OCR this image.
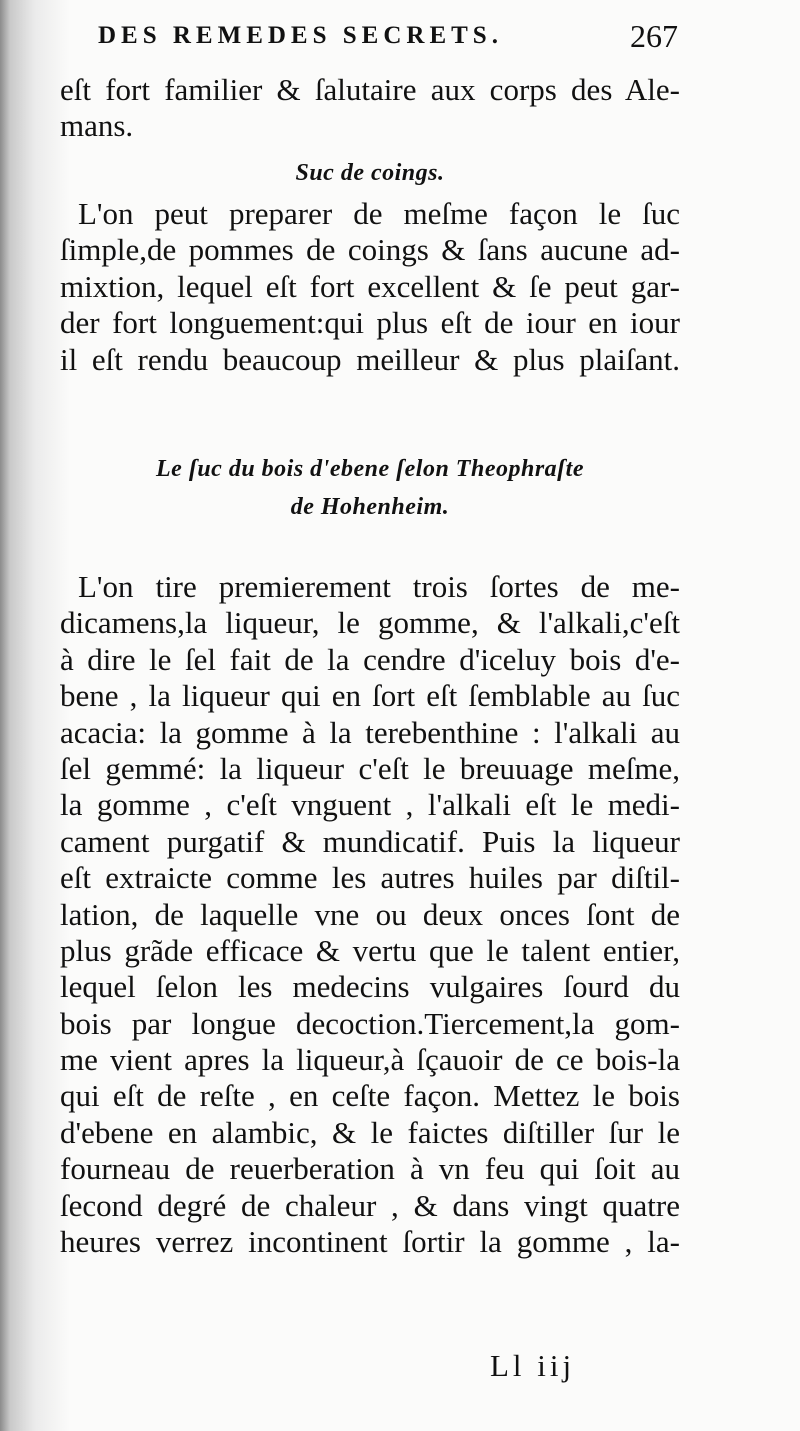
DES REMEDES SECRETS.	267
eſt fort familier & ſalutaire aux corps des Ale-
mans.
Suc de coings.
L'on peut preparer de meſme façon le ſuc
ſimple,de pommes de coings & ſans aucune ad-
mixtion, lequel eſt fort excellent & ſe peut gar-
der fort longuement:qui plus eſt de iour en iour
il eſt rendu beaucoup meilleur & plus plaiſant.
Le ſuc du bois d'ebene ſelon Theophraſte
de Hohenheim.
L'on tire premierement trois ſortes de me-
dicamens,la liqueur, le gomme, & l'alkali,c'eſt
à dire le ſel fait de la cendre d'iceluy bois d'e-
bene , la liqueur qui en ſort eſt ſemblable au ſuc
acacia: la gomme à la terebenthine : l'alkali au
ſel gemmé: la liqueur c'eſt le breuuage meſme,
la gomme , c'eſt vnguent , l'alkali eſt le medi-
cament purgatif & mundicatif. Puis la liqueur
eſt extraicte comme les autres huiles par diſtil-
lation, de laquelle vne ou deux onces ſont de
plus grãde efficace & vertu que le talent entier,
lequel ſelon les medecins vulgaires ſourd du
bois par longue decoction.Tiercement,la gom-
me vient apres la liqueur,à ſçauoir de ce bois-la
qui eſt de reſte , en ceſte façon. Mettez le bois
d'ebene en alambic, & le faictes diſtiller ſur le
fourneau de reuerberation à vn feu qui ſoit au
ſecond degré de chaleur , & dans vingt quatre
heures verrez incontinent ſortir la gomme , la-
Ll iij
